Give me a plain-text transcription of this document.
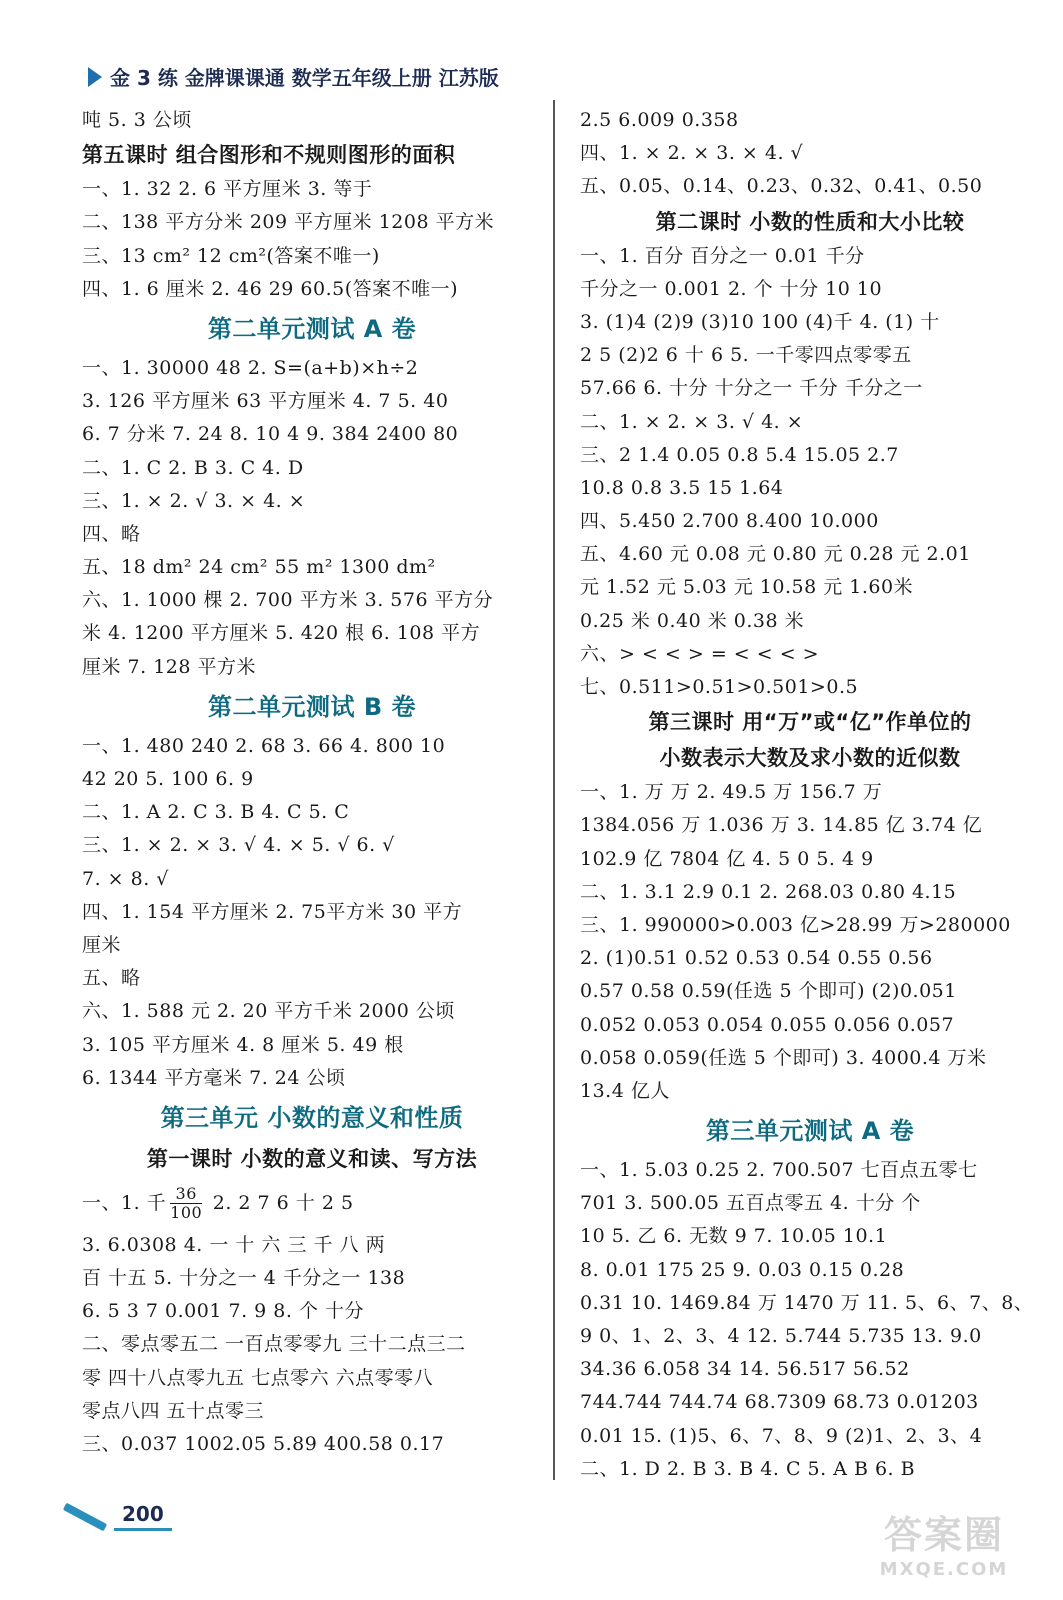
金 3 练 金牌课课通 数学五年级上册 江苏版
吨 5. 3 公顷
第五课时 组合图形和不规则图形的面积
一、1. 32 2. 6 平方厘米 3. 等于
二、138 平方分米 209 平方厘米 1208 平方米
三、13 cm² 12 cm²(答案不唯一)
四、1. 6 厘米 2. 46 29 60.5(答案不唯一)
第二单元测试 A 卷
一、1. 30000 48 2. S=(a+b)×h÷2
3. 126 平方厘米 63 平方厘米 4. 7 5. 40
6. 7 分米 7. 24 8. 10 4 9. 384 2400 80
二、1. C 2. B 3. C 4. D
三、1. × 2. √ 3. × 4. ×
四、略
五、18 dm² 24 cm² 55 m² 1300 dm²
六、1. 1000 棵 2. 700 平方米 3. 576 平方分
米 4. 1200 平方厘米 5. 420 根 6. 108 平方
厘米 7. 128 平方米
第二单元测试 B 卷
一、1. 480 240 2. 68 3. 66 4. 800 10
42 20 5. 100 6. 9
二、1. A 2. C 3. B 4. C 5. C
三、1. × 2. × 3. √ 4. × 5. √ 6. √
7. × 8. √
四、1. 154 平方厘米 2. 75平方米 30 平方
厘米
五、略
六、1. 588 元 2. 20 平方千米 2000 公顷
3. 105 平方厘米 4. 8 厘米 5. 49 根
6. 1344 平方毫米 7. 24 公顷
第三单元 小数的意义和性质
第一课时 小数的意义和读、写方法
一、1. 千 $\frac{36}{100} 2$. 2 7 6 十 2 5
3. 6.0308 4. 一 十 六 三 千 八 两
百 十五 5. 十分之一 4 千分之一 138
6. 5 3 7 0.001 7. 9 8. 个 十分
二、零点零五二 一百点零零九 三十二点三二
零 四十八点零九五 七点零六 六点零零八
零点八四 五十点零三
三、0.037 1002.05 5.89 400.58 0.17
2.5 6.009 0.358
四、1. × 2. × 3. × 4. √
五、0.05、0.14、0.23、0.32、0.41、0.50
第二课时 小数的性质和大小比较
一、1. 百分 百分之一 0.01 千分
千分之一 0.001 2. 个 十分 10 10
3. (1)4 (2)9 (3)10 100 (4)千 4. (1) 十
2 5 (2)2 6 十 6 5. 一千零四点零零五
57.66 6. 十分 十分之一 千分 千分之一
二、1. × 2. × 3. √ 4. ×
三、2 1.4 0.05 0.8 5.4 15.05 2.7
10.8 0.8 3.5 15 1.64
四、5.450 2.700 8.400 10.000
五、4.60 元 0.08 元 0.80 元 0.28 元 2.01
元 1.52 元 5.03 元 10.58 元 1.60米
0.25 米 0.40 米 0.38 米
六、> < < > = < < < >
七、0.511>0.51>0.501>0.5
第三课时 用“万”或“亿”作单位的
小数表示大数及求小数的近似数
一、1. 万 万 2. 49.5 万 156.7 万
1384.056 万 1.036 万 3. 14.85 亿 3.74 亿
102.9 亿 7804 亿 4. 5 0 5. 4 9
二、1. 3.1 2.9 0.1 2. 268.03 0.80 4.15
三、1. 990000>0.003 亿>28.99 万>280000
2. (1)0.51 0.52 0.53 0.54 0.55 0.56
0.57 0.58 0.59(任选 5 个即可) (2)0.051
0.052 0.053 0.054 0.055 0.056 0.057
0.058 0.059(任选 5 个即可) 3. 4000.4 万米
13.4 亿人
第三单元测试 A 卷
一、1. 5.03 0.25 2. 700.507 七百点五零七
701 3. 500.05 五百点零五 4. 十分 个
10 5. 乙 6. 无数 9 7. 10.05 10.1
8. 0.01 175 25 9. 0.03 0.15 0.28
0.31 10. 1469.84 万 1470 万 11. 5、6、7、8、
9 0、1、2、3、4 12. 5.744 5.735 13. 9.0
34.36 6.058 34 14. 56.517 56.52
744.744 744.74 68.7309 68.73 0.01203
0.01 15. (1)5、6、7、8、9 (2)1、2、3、4
二、1. D 2. B 3. B 4. C 5. A B 6. B
200	答案圈
MXQE.COM
